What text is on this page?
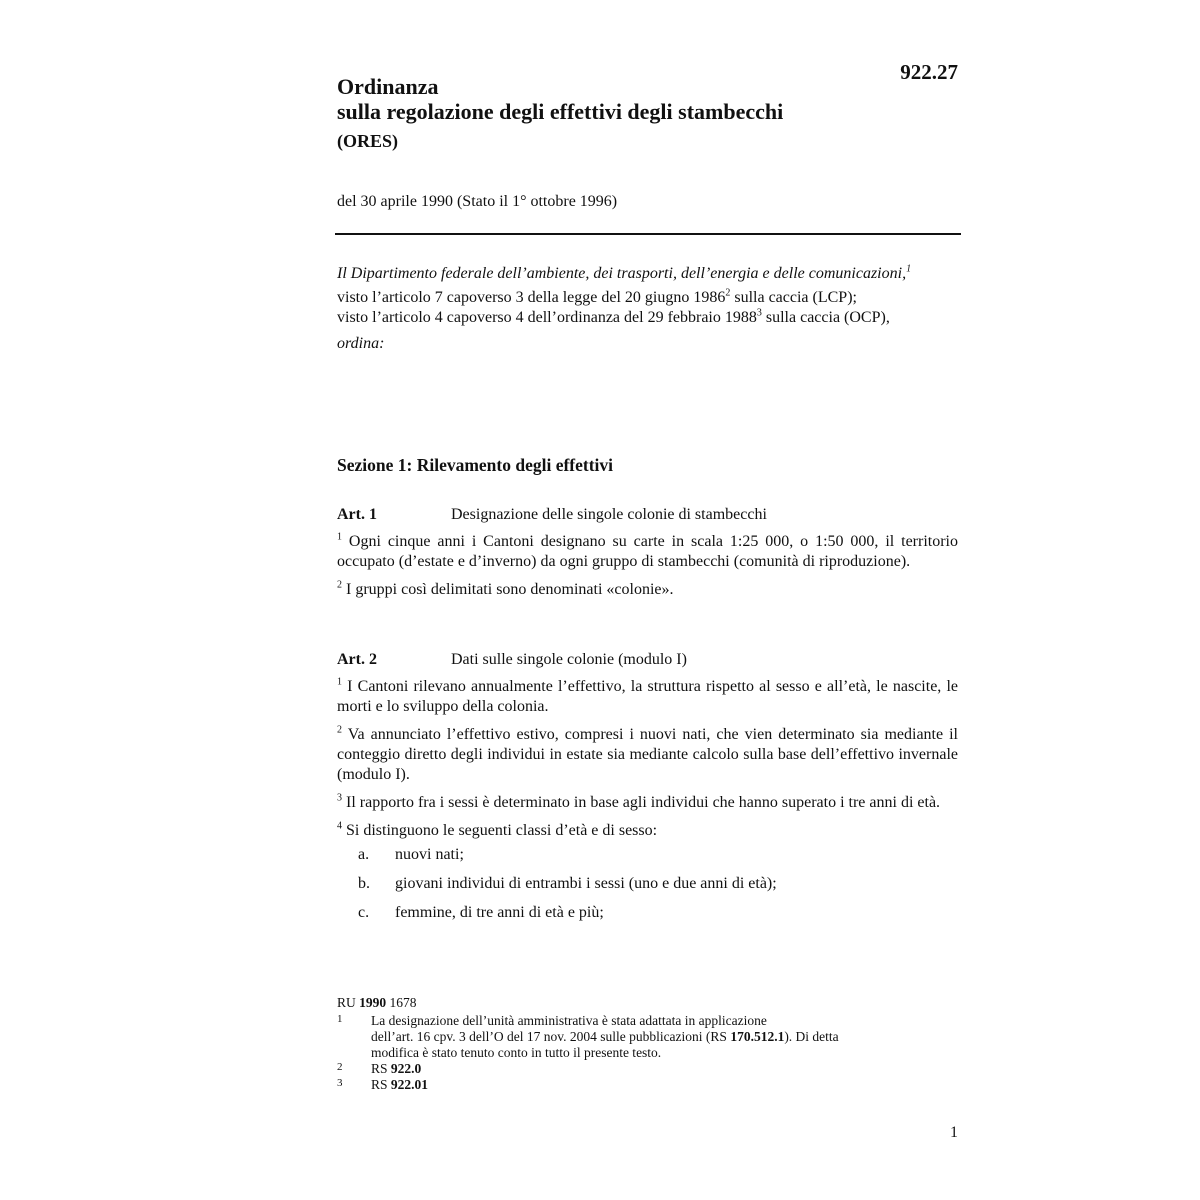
922.27
Ordinanza
sulla regolazione degli effettivi degli stambecchi
(ORES)
del 30 aprile 1990 (Stato il 1° ottobre 1996)

Il Dipartimento federale dell’ambiente, dei trasporti, dell’energia e delle comunicazioni,$^1$

visto l’articolo 7 capoverso 3 della legge del 20 giugno 1986$^2$ sulla caccia (LCP);
visto l’articolo 4 capoverso 4 dell’ordinanza del 29 febbraio 1988$^3$ sulla caccia (OCP),

ordina:

Sezione 1: Rilevamento degli effettivi
Art. 1	Designazione delle singole colonie di stambecchi

$^1$ Ogni cinque anni i Cantoni designano su carte in scala 1:25 000, o 1:50 000, il territorio occupato (d’estate e d’inverno) da ogni gruppo di stambecchi (comunità di riproduzione).

$^2$ I gruppi così delimitati sono denominati «colonie».

Art. 2	Dati sulle singole colonie (modulo I)

$^1$ I Cantoni rilevano annualmente l’effettivo, la struttura rispetto al sesso e all’età, le nascite, le morti e lo sviluppo della colonia.

$^2$ Va annunciato l’effettivo estivo, compresi i nuovi nati, che vien determinato sia mediante il conteggio diretto degli individui in estate sia mediante calcolo sulla base dell’effettivo invernale (modulo I).

$^3$ Il rapporto fra i sessi è determinato in base agli individui che hanno superato i tre anni di età.

$^4$ Si distinguono le seguenti classi d’età e di sesso:

a.	nuovi nati;
b.	giovani individui di entrambi i sessi (uno e due anni di età);
c.	femmine, di tre anni di età e più;
RU 1990 1678
1	La designazione dell’unità amministrativa è stata adattata in applicazione
dell’art. 16 cpv. 3 dell’O del 17 nov. 2004 sulle pubblicazioni (RS 170.512.1). Di detta
modifica è stato tenuto conto in tutto il presente testo.
2	RS 922.0
3	RS 922.01
1
